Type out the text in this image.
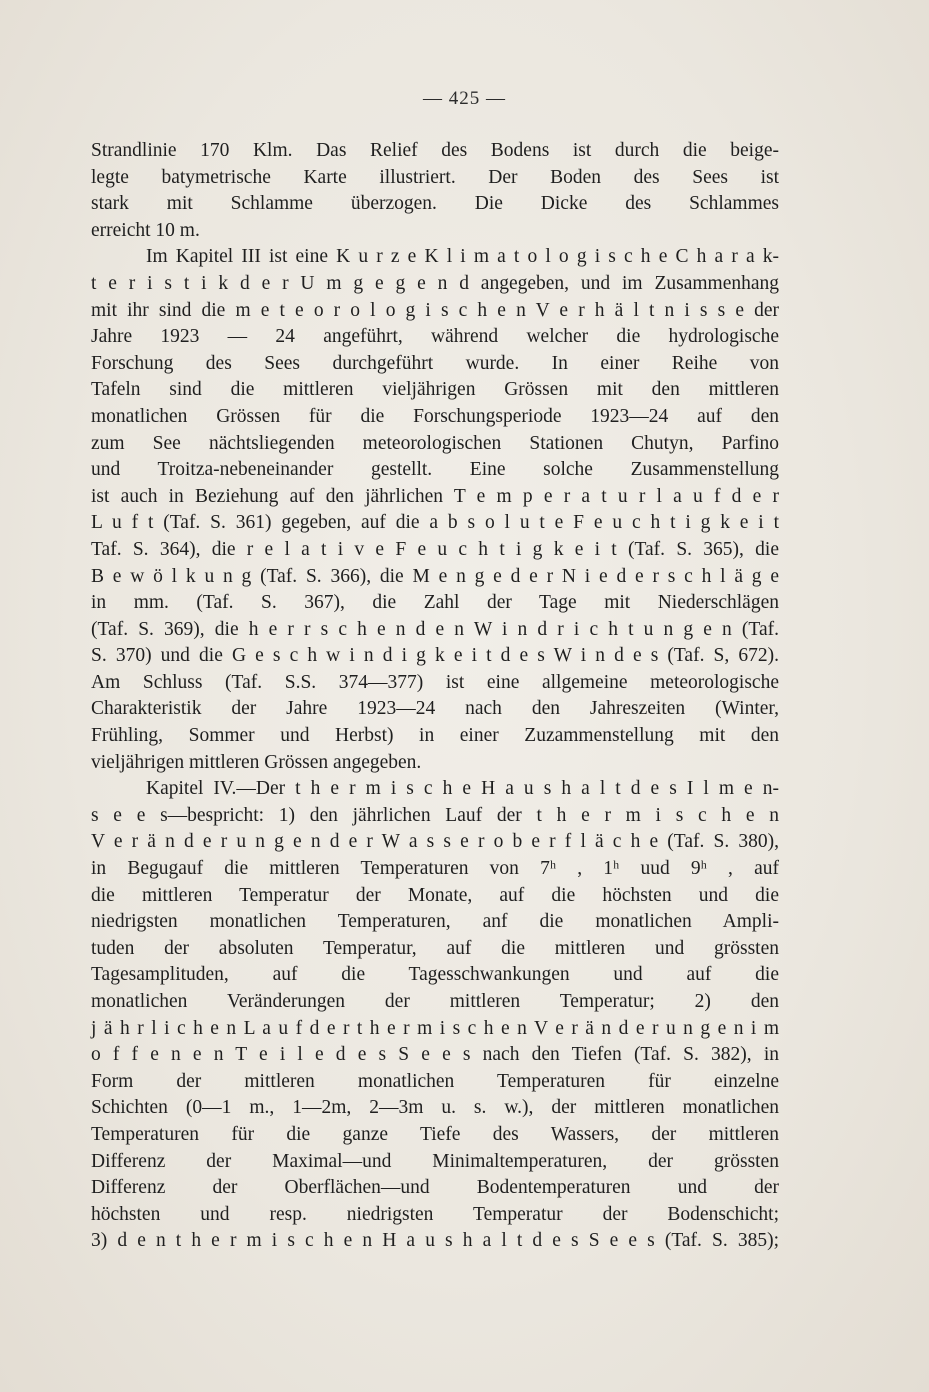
— 425 —
Strandlinie 170 Klm. Das Relief des Bodens ist durch die beige-
legte batymetrische Karte illustriert. Der Boden des Sees ist
stark mit Schlamme überzogen. Die Dicke des Schlammes
erreicht 10 m.
Im Kapitel III ist eine K u r z e K l i m a t o l o g i s c h e C h a r a k-
t e r i s t i k d e r U m g e g e n d angegeben, und im Zusammenhang
mit ihr sind die m e t e o r o l o g i s c h e n V e r h ä l t n i s s e der
Jahre 1923 — 24 angeführt, während welcher die hydrologische
Forschung des Sees durchgeführt wurde. In einer Reihe von
Tafeln sind die mittleren vieljährigen Grössen mit den mittleren
monatlichen Grössen für die Forschungsperiode 1923—24 auf den
zum See nächtsliegenden meteorologischen Stationen Chutyn, Parfino
und Troitza-nebeneinander gestellt. Eine solche Zusammenstellung
ist auch in Beziehung auf den jährlichen T e m p e r a t u r l a u f d e r
L u f t (Taf. S. 361) gegeben, auf die a b s o l u t e F e u c h t i g k e i t
Taf. S. 364), die r e l a t i v e F e u c h t i g k e i t (Taf. S. 365), die
B e w ö l k u n g (Taf. S. 366), die M e n g e d e r N i e d e r s c h l ä g e
in mm. (Taf. S. 367), die Zahl der Tage mit Niederschlägen
(Taf. S. 369), die h e r r s c h e n d e n W i n d r i c h t u n g e n (Taf.
S. 370) und die G e s c h w i n d i g k e i t d e s W i n d e s (Taf. S, 672).
Am Schluss (Taf. S.S. 374—377) ist eine allgemeine meteorologische
Charakteristik der Jahre 1923—24 nach den Jahreszeiten (Winter,
Frühling, Sommer und Herbst) in einer Zuzammenstellung mit den
vieljährigen mittleren Grössen angegeben.
Kapitel IV.—Der t h e r m i s c h e H a u s h a l t d e s I l m e n-
s e e s—bespricht: 1) den jährlichen Lauf der t h e r m i s c h e n
V e r ä n d e r u n g e n d e r W a s s e r o b e r f l ä c h e (Taf. S. 380),
in Begugauf die mittleren Temperaturen von 7ʰ , 1ʰ uud 9ʰ , auf
die mittleren Temperatur der Monate, auf die höchsten und die
niedrigsten monatlichen Temperaturen, anf die monatlichen Ampli-
tuden der absoluten Temperatur, auf die mittleren und grössten
Tagesamplituden, auf die Tagesschwankungen und auf die
monatlichen Veränderungen der mittleren Temperatur; 2) den
j ä h r l i c h e n L a u f d e r t h e r m i s c h e n V e r ä n d e r u n g e n i m
o f f e n e n T e i l e d e s S e e s nach den Tiefen (Taf. S. 382), in
Form der mittleren monatlichen Temperaturen für einzelne
Schichten (0—1 m., 1—2m, 2—3m u. s. w.), der mittleren monatlichen
Temperaturen für die ganze Tiefe des Wassers, der mittleren
Differenz der Maximal—und Minimaltemperaturen, der grössten
Differenz der Oberflächen—und Bodentemperaturen und der
höchsten und resp. niedrigsten Temperatur der Bodenschicht;
3) d e n t h e r m i s c h e n H a u s h a l t d e s S e e s (Taf. S. 385);
